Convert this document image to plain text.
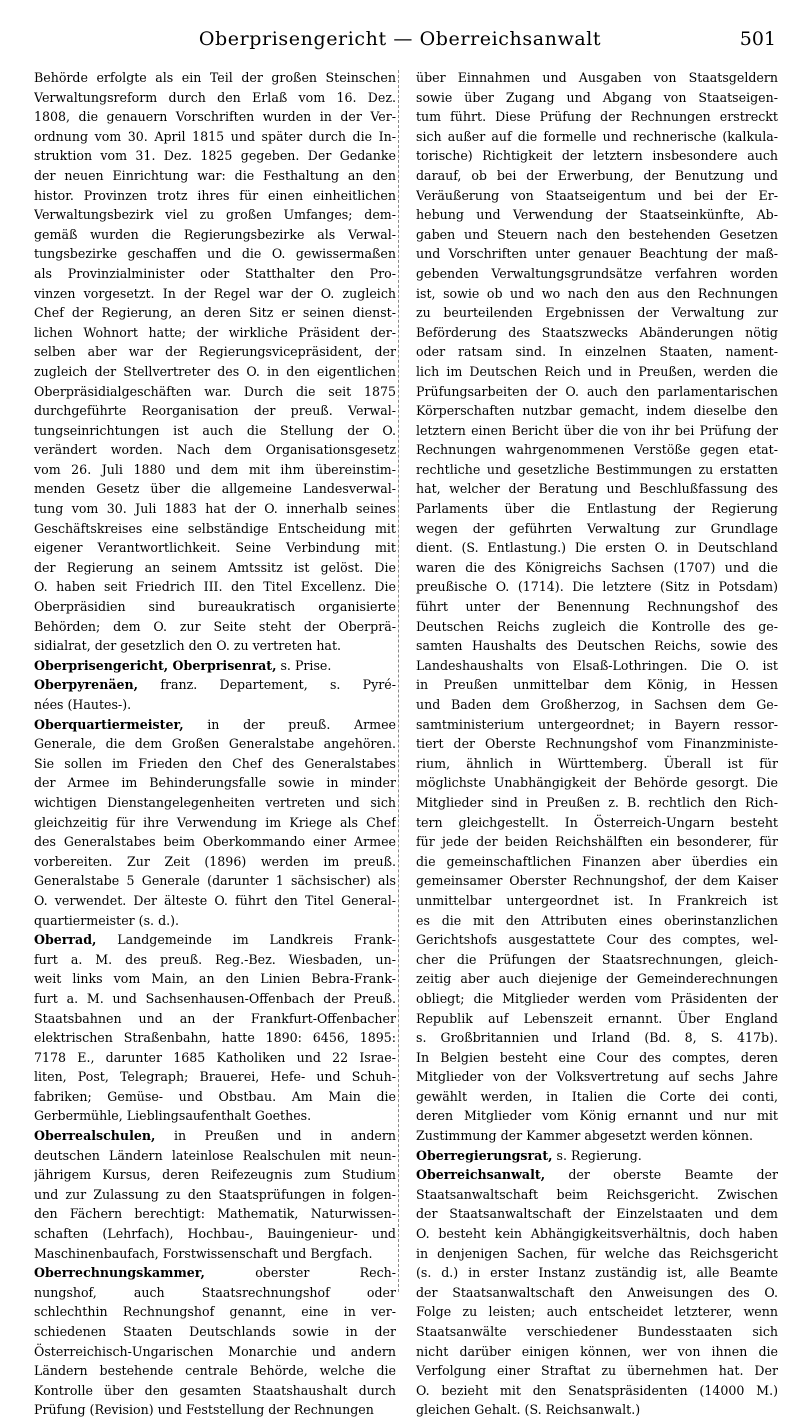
Oberprisengericht — Oberreichsanwalt	501
Behörde erfolgte als ein Teil der großen Steinschen
Verwaltungsreform durch den Erlaß vom 16. Dez.
1808, die genauern Vorschriften wurden in der Ver-
ordnung vom 30. April 1815 und später durch die In-
struktion vom 31. Dez. 1825 gegeben. Der Gedanke
der neuen Einrichtung war: die Festhaltung an den
histor. Provinzen trotz ihres für einen einheitlichen
Verwaltungsbezirk viel zu großen Umfanges; dem-
gemäß wurden die Regierungsbezirke als Verwal-
tungsbezirke geschaffen und die O. gewissermaßen
als Provinzialminister oder Statthalter den Pro-
vinzen vorgesetzt. In der Regel war der O. zugleich
Chef der Regierung, an deren Sitz er seinen dienst-
lichen Wohnort hatte; der wirkliche Präsident der-
selben aber war der Regierungsvicepräsident, der
zugleich der Stellvertreter des O. in den eigentlichen
Oberpräsidialgeschäften war. Durch die seit 1875
durchgeführte Reorganisation der preuß. Verwal-
tungseinrichtungen ist auch die Stellung der O.
verändert worden. Nach dem Organisationsgesetz
vom 26. Juli 1880 und dem mit ihm übereinstim-
menden Gesetz über die allgemeine Landesverwal-
tung vom 30. Juli 1883 hat der O. innerhalb seines
Geschäftskreises eine selbständige Entscheidung mit
eigener Verantwortlichkeit. Seine Verbindung mit
der Regierung an seinem Amtssitz ist gelöst. Die
O. haben seit Friedrich III. den Titel Excellenz. Die
Oberpräsidien sind bureaukratisch organisierte
Behörden; dem O. zur Seite steht der Oberprä-
sidialrat, der gesetzlich den O. zu vertreten hat.
Oberprisengericht, Oberprisenrat, s. Prise.
Oberpyrenäen, franz. Departement, s. Pyré-
nées (Hautes-).
Oberquartiermeister, in der preuß. Armee
Generale, die dem Großen Generalstabe angehören.
Sie sollen im Frieden den Chef des Generalstabes
der Armee im Behinderungsfalle sowie in minder
wichtigen Dienstangelegenheiten vertreten und sich
gleichzeitig für ihre Verwendung im Kriege als Chef
des Generalstabes beim Oberkommando einer Armee
vorbereiten. Zur Zeit (1896) werden im preuß.
Generalstabe 5 Generale (darunter 1 sächsischer) als
O. verwendet. Der älteste O. führt den Titel General-
quartiermeister (s. d.).
Oberrad, Landgemeinde im Landkreis Frank-
furt a. M. des preuß. Reg.-Bez. Wiesbaden, un-
weit links vom Main, an den Linien Bebra-Frank-
furt a. M. und Sachsenhausen-Offenbach der Preuß.
Staatsbahnen und an der Frankfurt-Offenbacher
elektrischen Straßenbahn, hatte 1890: 6456, 1895:
7178 E., darunter 1685 Katholiken und 22 Israe-
liten, Post, Telegraph; Brauerei, Hefe- und Schuh-
fabriken; Gemüse- und Obstbau. Am Main die
Gerbermühle, Lieblingsaufenthalt Goethes.
Oberrealschulen, in Preußen und in andern
deutschen Ländern lateinlose Realschulen mit neun-
jährigem Kursus, deren Reifezeugnis zum Studium
und zur Zulassung zu den Staatsprüfungen in folgen-
den Fächern berechtigt: Mathematik, Naturwissen-
schaften (Lehrfach), Hochbau-, Bauingenieur- und
Maschinenbaufach, Forstwissenschaft und Bergfach.
Oberrechnungskammer, oberster Rech-
nungshof, auch Staatsrechnungshof oder
schlechthin Rechnungshof genannt, eine in ver-
schiedenen Staaten Deutschlands sowie in der
Österreichisch-Ungarischen Monarchie und andern
Ländern bestehende centrale Behörde, welche die
Kontrolle über den gesamten Staatshaushalt durch
Prüfung (Revision) und Feststellung der Rechnungen
über Einnahmen und Ausgaben von Staatsgeldern
sowie über Zugang und Abgang von Staatseigen-
tum führt. Diese Prüfung der Rechnungen erstreckt
sich außer auf die formelle und rechnerische (kalkula-
torische) Richtigkeit der letztern insbesondere auch
darauf, ob bei der Erwerbung, der Benutzung und
Veräußerung von Staatseigentum und bei der Er-
hebung und Verwendung der Staatseinkünfte, Ab-
gaben und Steuern nach den bestehenden Gesetzen
und Vorschriften unter genauer Beachtung der maß-
gebenden Verwaltungsgrundsätze verfahren worden
ist, sowie ob und wo nach den aus den Rechnungen
zu beurteilenden Ergebnissen der Verwaltung zur
Beförderung des Staatszwecks Abänderungen nötig
oder ratsam sind. In einzelnen Staaten, nament-
lich im Deutschen Reich und in Preußen, werden die
Prüfungsarbeiten der O. auch den parlamentarischen
Körperschaften nutzbar gemacht, indem dieselbe den
letztern einen Bericht über die von ihr bei Prüfung der
Rechnungen wahrgenommenen Verstöße gegen etat-
rechtliche und gesetzliche Bestimmungen zu erstatten
hat, welcher der Beratung und Beschlußfassung des
Parlaments über die Entlastung der Regierung
wegen der geführten Verwaltung zur Grundlage
dient. (S. Entlastung.) Die ersten O. in Deutschland
waren die des Königreichs Sachsen (1707) und die
preußische O. (1714). Die letztere (Sitz in Potsdam)
führt unter der Benennung Rechnungshof des
Deutschen Reichs zugleich die Kontrolle des ge-
samten Haushalts des Deutschen Reichs, sowie des
Landeshaushalts von Elsaß-Lothringen. Die O. ist
in Preußen unmittelbar dem König, in Hessen
und Baden dem Großherzog, in Sachsen dem Ge-
samtministerium untergeordnet; in Bayern ressor-
tiert der Oberste Rechnungshof vom Finanzministe-
rium, ähnlich in Württemberg. Überall ist für
möglichste Unabhängigkeit der Behörde gesorgt. Die
Mitglieder sind in Preußen z. B. rechtlich den Rich-
tern gleichgestellt. In Österreich-Ungarn besteht
für jede der beiden Reichshälften ein besonderer, für
die gemeinschaftlichen Finanzen aber überdies ein
gemeinsamer Oberster Rechnungshof, der dem Kaiser
unmittelbar untergeordnet ist. In Frankreich ist
es die mit den Attributen eines oberinstanzlichen
Gerichtshofs ausgestattete Cour des comptes, wel-
cher die Prüfungen der Staatsrechnungen, gleich-
zeitig aber auch diejenige der Gemeinderechnungen
obliegt; die Mitglieder werden vom Präsidenten der
Republik auf Lebenszeit ernannt. Über England
s. Großbritannien und Irland (Bd. 8, S. 417b).
In Belgien besteht eine Cour des comptes, deren
Mitglieder von der Volksvertretung auf sechs Jahre
gewählt werden, in Italien die Corte dei conti,
deren Mitglieder vom König ernannt und nur mit
Zustimmung der Kammer abgesetzt werden können.
Oberregierungsrat, s. Regierung.
Oberreichsanwalt, der oberste Beamte der
Staatsanwaltschaft beim Reichsgericht. Zwischen
der Staatsanwaltschaft der Einzelstaaten und dem
O. besteht kein Abhängigkeitsverhältnis, doch haben
in denjenigen Sachen, für welche das Reichsgericht
(s. d.) in erster Instanz zuständig ist, alle Beamte
der Staatsanwaltschaft den Anweisungen des O.
Folge zu leisten; auch entscheidet letzterer, wenn
Staatsanwälte verschiedener Bundesstaaten sich
nicht darüber einigen können, wer von ihnen die
Verfolgung einer Straftat zu übernehmen hat. Der
O. bezieht mit den Senatspräsidenten (14000 M.)
gleichen Gehalt. (S. Reichsanwalt.)
